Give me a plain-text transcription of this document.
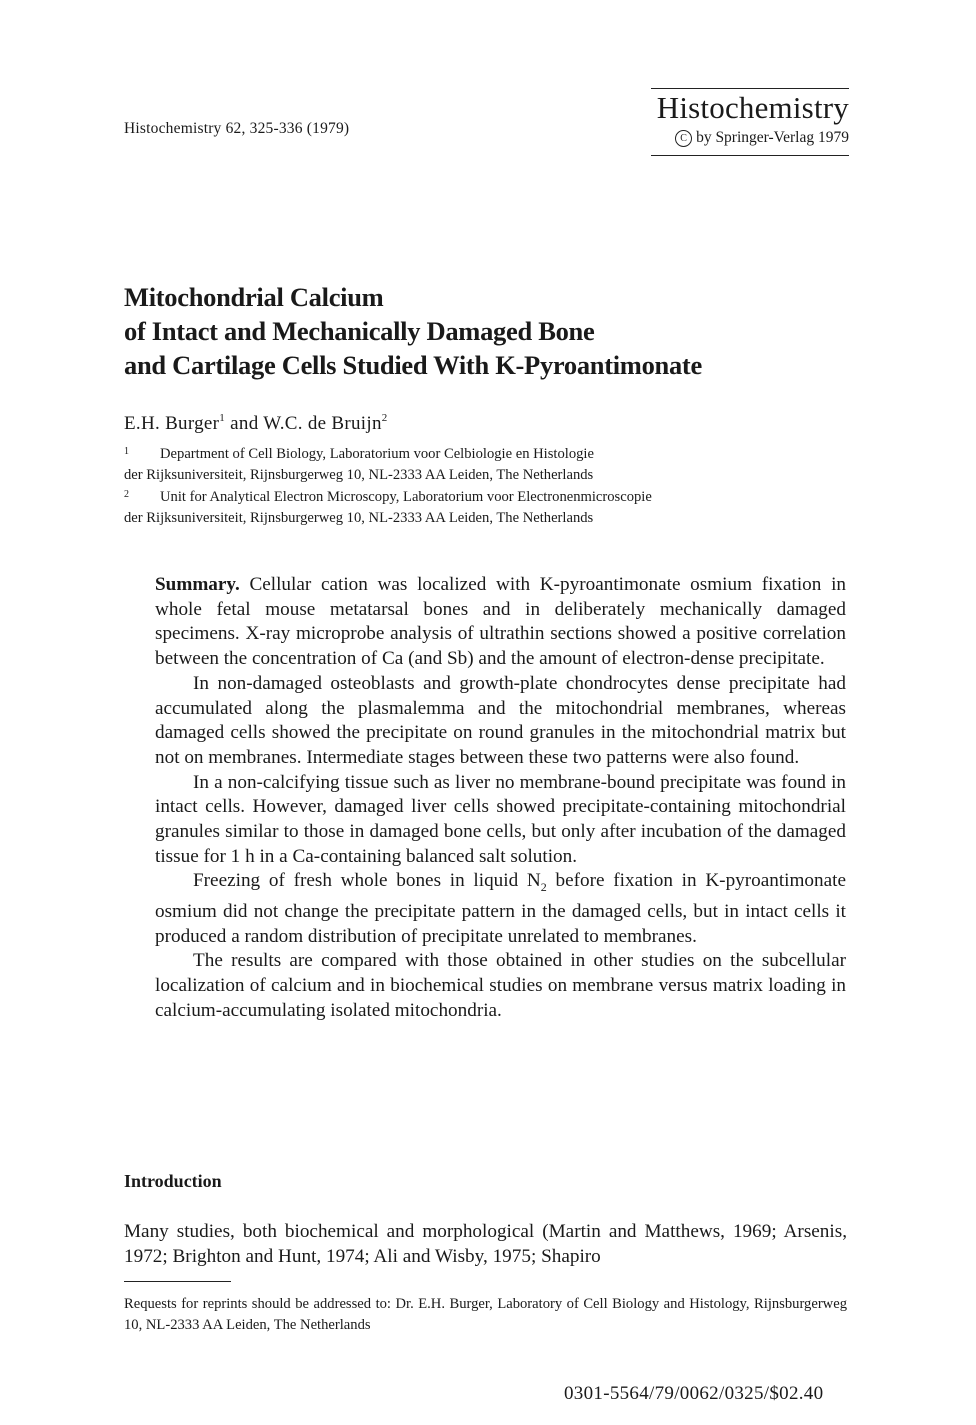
Histochemistry 62, 325-336 (1979)
Histochemistry
C by Springer-Verlag 1979
Mitochondrial Calcium
of Intact and Mechanically Damaged Bone
and Cartilage Cells Studied With K-Pyroantimonate
E.H. Burger$^1$ and W.C. de Bruijn$^2$
1 Department of Cell Biology, Laboratorium voor Celbiologie en Histologie
der Rijksuniversiteit, Rijnsburgerweg 10, NL-2333 AA Leiden, The Netherlands
2 Unit for Analytical Electron Microscopy, Laboratorium voor Electronenmicroscopie
der Rijksuniversiteit, Rijnsburgerweg 10, NL-2333 AA Leiden, The Netherlands

Summary. Cellular cation was localized with K-pyroantimonate osmium fixation in whole fetal mouse metatarsal bones and in deliberately mechanically damaged specimens. X-ray microprobe analysis of ultrathin sections showed a positive correlation between the concentration of Ca (and Sb) and the amount of electron-dense precipitate.

In non-damaged osteoblasts and growth-plate chondrocytes dense precipitate had accumulated along the plasmalemma and the mitochondrial membranes, whereas damaged cells showed the precipitate on round granules in the mitochondrial matrix but not on membranes. Intermediate stages between these two patterns were also found.

In a non-calcifying tissue such as liver no membrane-bound precipitate was found in intact cells. However, damaged liver cells showed precipitate-containing mitochondrial granules similar to those in damaged bone cells, but only after incubation of the damaged tissue for 1 h in a Ca-containing balanced salt solution.

Freezing of fresh whole bones in liquid $N_2$ before fixation in K-pyroantimonate osmium did not change the precipitate pattern in the damaged cells, but in intact cells it produced a random distribution of precipitate unrelated to membranes.

The results are compared with those obtained in other studies on the subcellular localization of calcium and in biochemical studies on membrane versus matrix loading in calcium-accumulating isolated mitochondria.

Introduction
Many studies, both biochemical and morphological (Martin and Matthews, 1969; Arsenis, 1972; Brighton and Hunt, 1974; Ali and Wisby, 1975; Shapiro
Requests for reprints should be addressed to: Dr. E.H. Burger, Laboratory of Cell Biology and Histology, Rijnsburgerweg 10, NL-2333 AA Leiden, The Netherlands
0301-5564/79/0062/0325/$02.40
